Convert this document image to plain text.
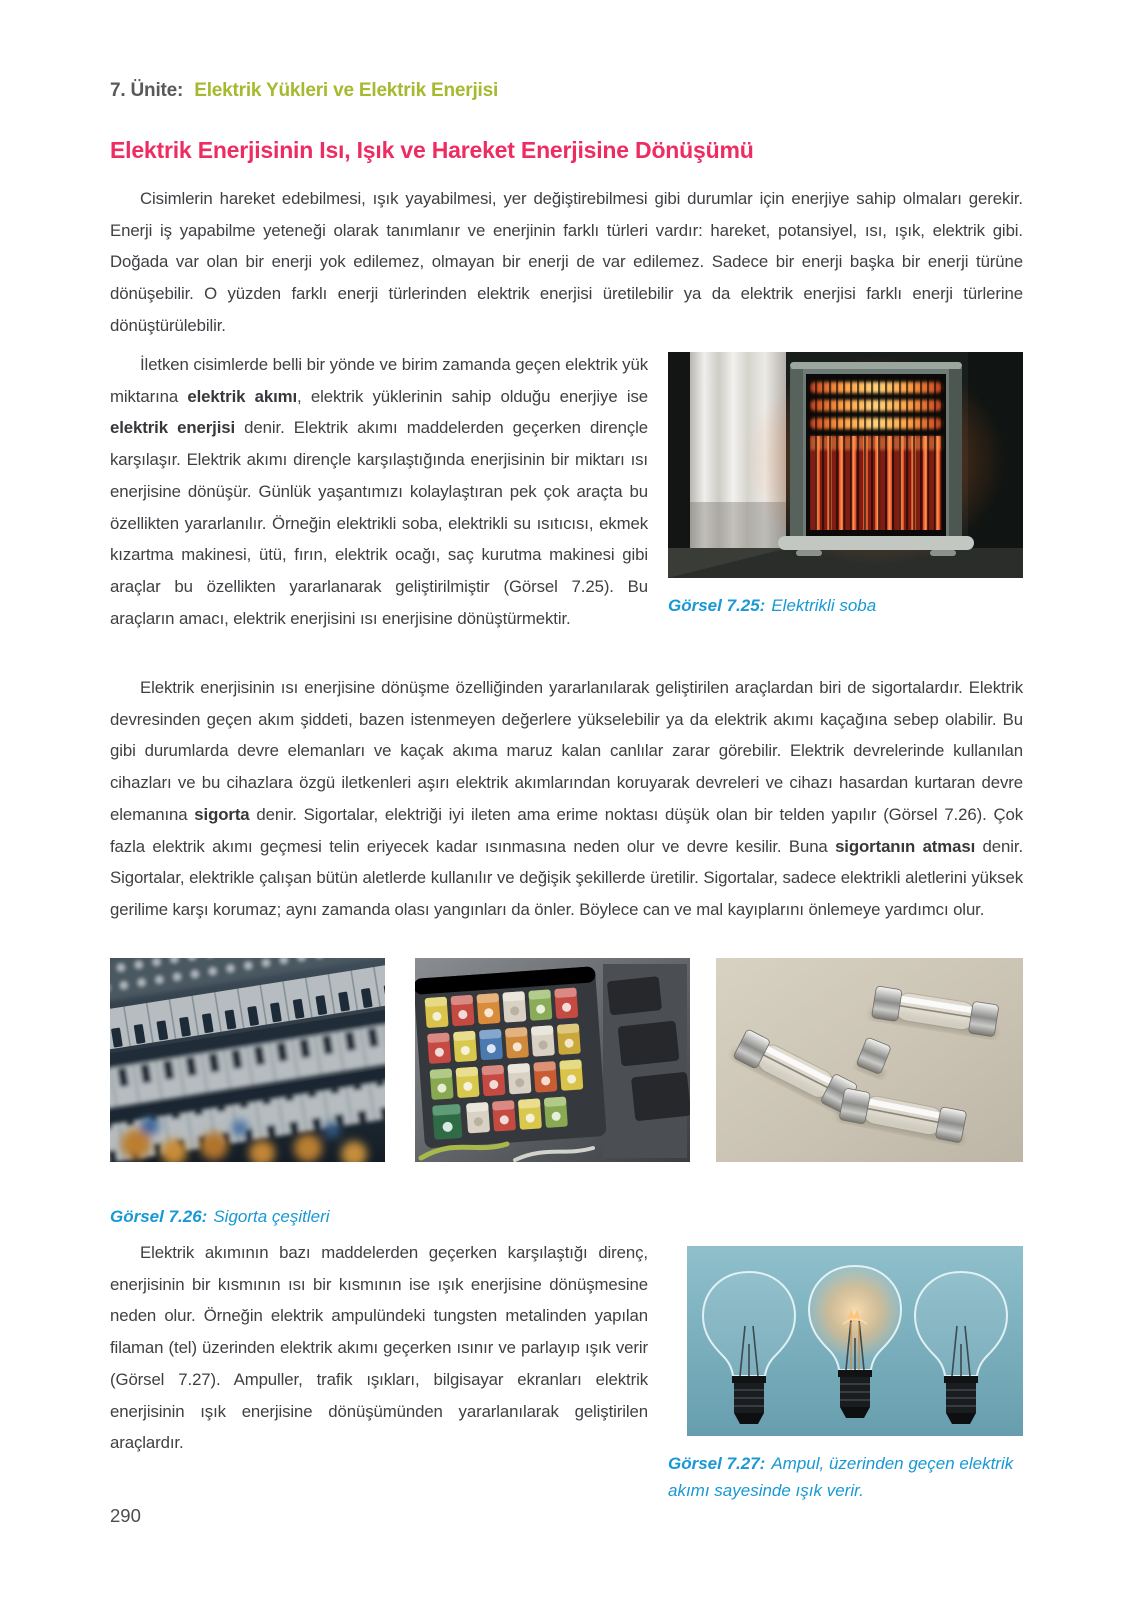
7. Ünite: Elektrik Yükleri ve Elektrik Enerjisi
Elektrik Enerjisinin Isı, Işık ve Hareket Enerjisine Dönüşümü
Cisimlerin hareket edebilmesi, ışık yayabilmesi, yer değiştirebilmesi gibi durumlar için enerjiye sahip olmaları gerekir. Enerji iş yapabilme yeteneği olarak tanımlanır ve enerjinin farklı türleri vardır: hareket, potansiyel, ısı, ışık, elektrik gibi. Doğada var olan bir enerji yok edilemez, olmayan bir enerji de var edilemez. Sadece bir enerji başka bir enerji türüne dönüşebilir. O yüzden farklı enerji türlerinden elektrik enerjisi üretilebilir ya da elektrik enerjisi farklı enerji türlerine dönüştürülebilir.
İletken cisimlerde belli bir yönde ve birim zamanda geçen elektrik yük miktarına elektrik akımı, elektrik yüklerinin sahip olduğu enerjiye ise elektrik enerjisi denir. Elektrik akımı maddelerden geçerken dirençle karşılaşır. Elektrik akımı dirençle karşılaştığında enerjisinin bir miktarı ısı enerjisine dönüşür. Günlük yaşantımızı kolaylaştıran pek çok araçta bu özellikten yararlanılır. Örneğin elektrikli soba, elektrikli su ısıtıcısı, ekmek kızartma makinesi, ütü, fırın, elektrik ocağı, saç kurutma makinesi gibi araçlar bu özellikten yararlanarak geliştirilmiştir (Görsel 7.25). Bu araçların amacı, elektrik enerjisini ısı enerjisine dönüştürmektir.
Görsel 7.25: Elektrikli soba
Elektrik enerjisinin ısı enerjisine dönüşme özelliğinden yararlanılarak geliştirilen araçlardan biri de sigortalardır. Elektrik devresinden geçen akım şiddeti, bazen istenmeyen değerlere yükselebilir ya da elektrik akımı kaçağına sebep olabilir. Bu gibi durumlarda devre elemanları ve kaçak akıma maruz kalan canlılar zarar görebilir. Elektrik devrelerinde kullanılan cihazları ve bu cihazlara özgü iletkenleri aşırı elektrik akımlarından koruyarak devreleri ve cihazı hasardan kurtaran devre elemanına sigorta denir. Sigortalar, elektriği iyi ileten ama erime noktası düşük olan bir telden yapılır (Görsel 7.26). Çok fazla elektrik akımı geçmesi telin eriyecek kadar ısınmasına neden olur ve devre kesilir. Buna sigortanın atması denir. Sigortalar, elektrikle çalışan bütün aletlerde kullanılır ve değişik şekillerde üretilir. Sigortalar, sadece elektrikli aletlerini yüksek gerilime karşı korumaz; aynı zamanda olası yangınları da önler. Böylece can ve mal kayıplarını önlemeye yardımcı olur.
Görsel 7.26: Sigorta çeşitleri
Elektrik akımının bazı maddelerden geçerken karşılaştığı direnç, enerjisinin bir kısmının ısı bir kısmının ise ışık enerjisine dönüşmesine neden olur. Örneğin elektrik ampulündeki tungsten metalinden yapılan filaman (tel) üzerinden elektrik akımı geçerken ısınır ve parlayıp ışık verir (Görsel 7.27). Ampuller, trafik ışıkları, bilgisayar ekranları elektrik enerjisinin ışık enerjisine dönüşümünden yararlanılarak geliştirilen araçlardır.
Görsel 7.27: Ampul, üzerinden geçen elektrik akımı sayesinde ışık verir.
290
